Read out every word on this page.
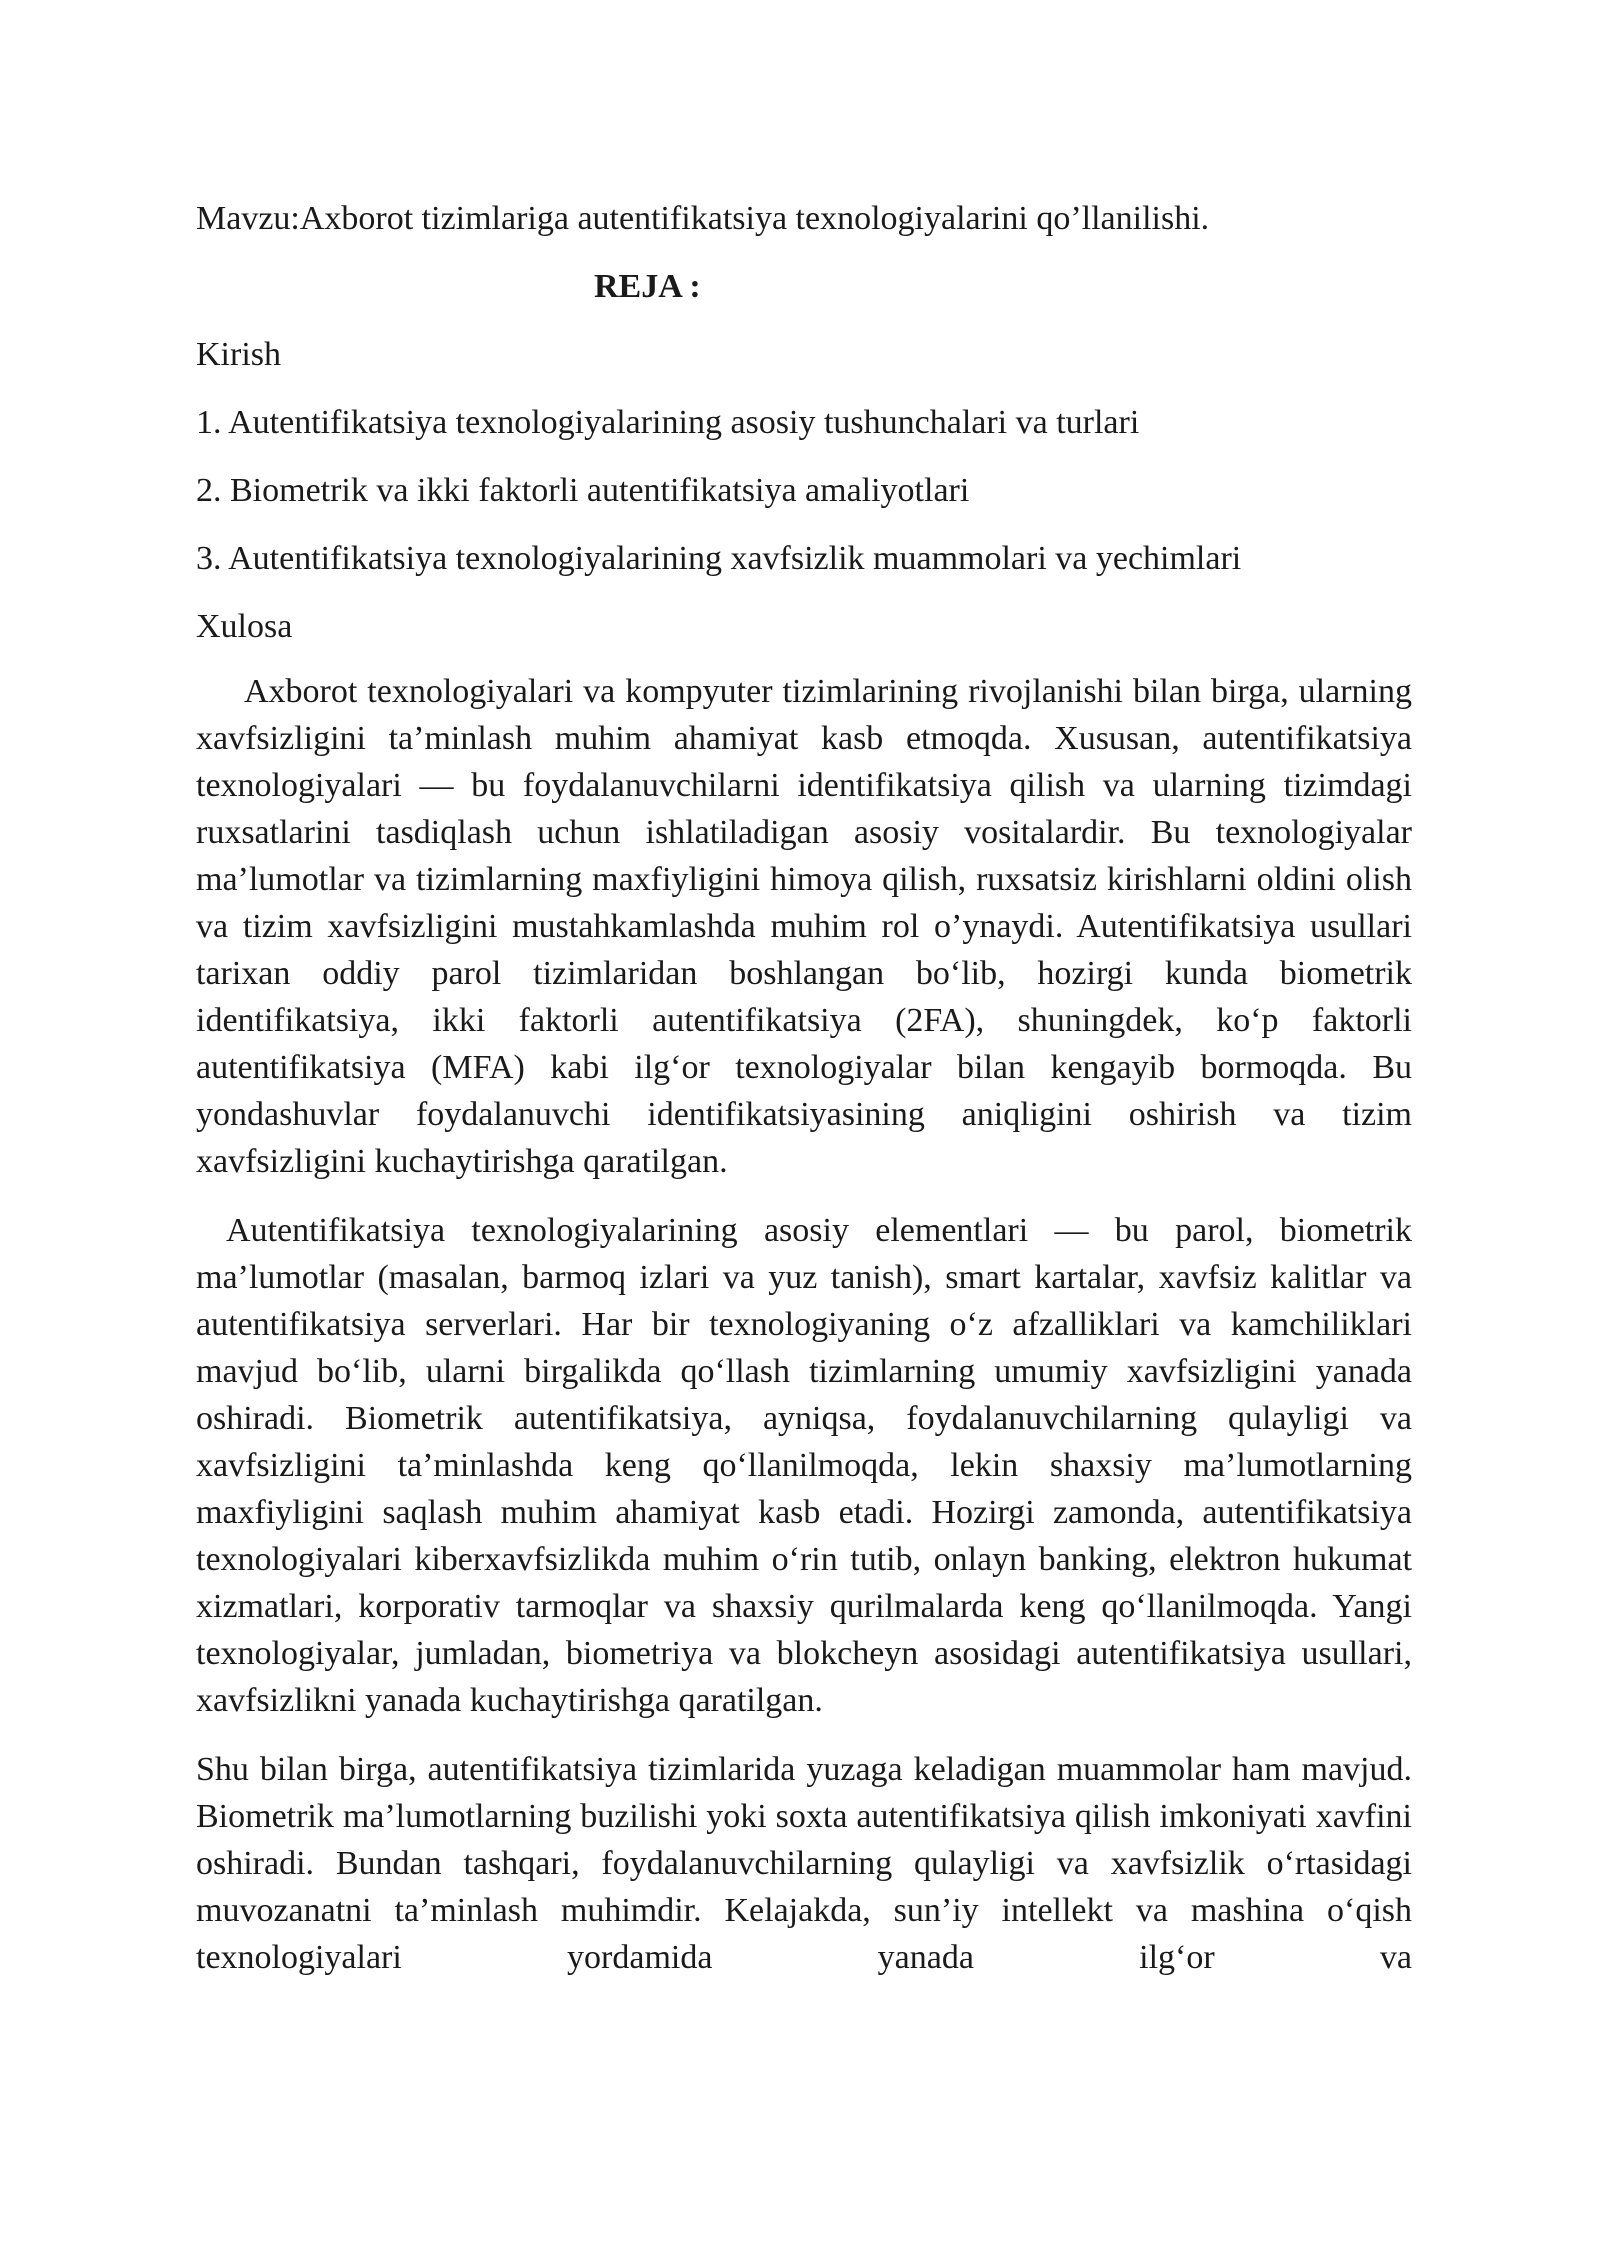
Mavzu:Axborot tizimlariga autentifikatsiya texnologiyalarini qo’llanilishi.

REJA :

Kirish

1. Autentifikatsiya texnologiyalarining asosiy tushunchalari va turlari

2. Biometrik va ikki faktorli autentifikatsiya amaliyotlari

3. Autentifikatsiya texnologiyalarining xavfsizlik muammolari va yechimlari

Xulosa

Axborot texnologiyalari va kompyuter tizimlarining rivojlanishi bilan birga, ularning xavfsizligini ta’minlash muhim ahamiyat kasb etmoqda. Xususan, autentifikatsiya texnologiyalari — bu foydalanuvchilarni identifikatsiya qilish va ularning tizimdagi ruxsatlarini tasdiqlash uchun ishlatiladigan asosiy vositalardir. Bu texnologiyalar ma’lumotlar va tizimlarning maxfiyligini himoya qilish, ruxsatsiz kirishlarni oldini olish va tizim xavfsizligini mustahkamlashda muhim rol o’ynaydi. Autentifikatsiya usullari tarixan oddiy parol tizimlaridan boshlangan bo‘lib, hozirgi kunda biometrik identifikatsiya, ikki faktorli autentifikatsiya (2FA), shuningdek, ko‘p faktorli autentifikatsiya (MFA) kabi ilg‘or texnologiyalar bilan kengayib bormoqda. Bu yondashuvlar foydalanuvchi identifikatsiyasining aniqligini oshirish va tizim xavfsizligini kuchaytirishga qaratilgan.

Autentifikatsiya texnologiyalarining asosiy elementlari — bu parol, biometrik ma’lumotlar (masalan, barmoq izlari va yuz tanish), smart kartalar, xavfsiz kalitlar va autentifikatsiya serverlari. Har bir texnologiyaning o‘z afzalliklari va kamchiliklari mavjud bo‘lib, ularni birgalikda qo‘llash tizimlarning umumiy xavfsizligini yanada oshiradi. Biometrik autentifikatsiya, ayniqsa, foydalanuvchilarning qulayligi va xavfsizligini ta’minlashda keng qo‘llanilmoqda, lekin shaxsiy ma’lumotlarning maxfiyligini saqlash muhim ahamiyat kasb etadi. Hozirgi zamonda, autentifikatsiya texnologiyalari kiberxavfsizlikda muhim o‘rin tutib, onlayn banking, elektron hukumat xizmatlari, korporativ tarmoqlar va shaxsiy qurilmalarda keng qo‘llanilmoqda. Yangi texnologiyalar, jumladan, biometriya va blokcheyn asosidagi autentifikatsiya usullari, xavfsizlikni yanada kuchaytirishga qaratilgan.

Shu bilan birga, autentifikatsiya tizimlarida yuzaga keladigan muammolar ham mavjud. Biometrik ma’lumotlarning buzilishi yoki soxta autentifikatsiya qilish imkoniyati xavfini oshiradi. Bundan tashqari, foydalanuvchilarning qulayligi va xavfsizlik o‘rtasidagi muvozanatni ta’minlash muhimdir. Kelajakda, sun’iy intellekt va mashina o‘qish texnologiyalari yordamida yanada ilg‘or va
